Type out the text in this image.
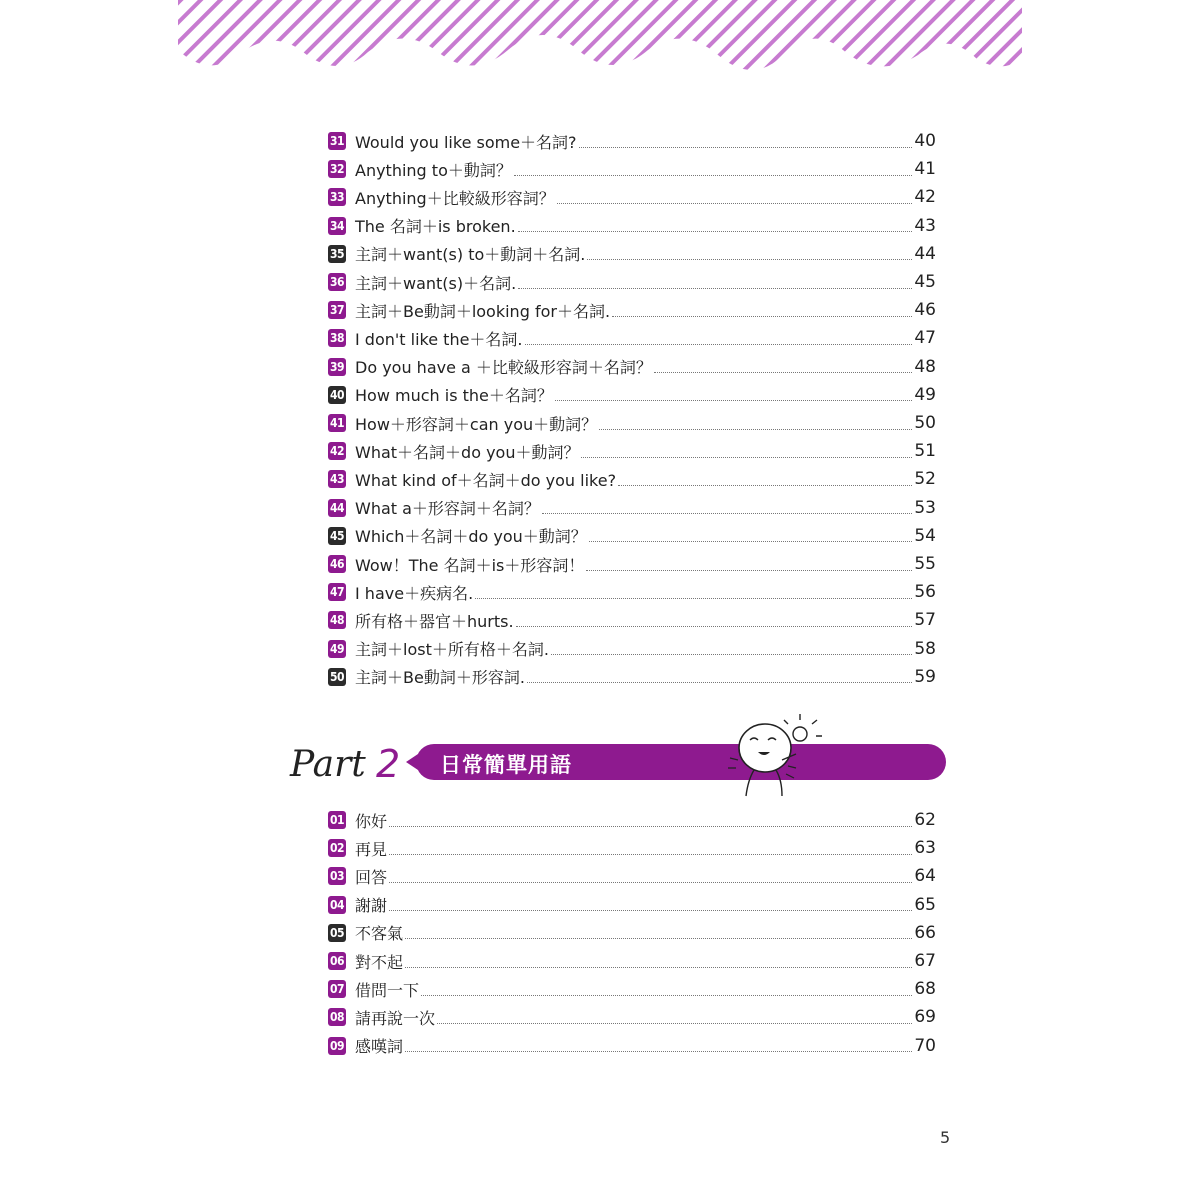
31 Would you like some＋名詞?	40
32 Anything to＋動詞？	41
33 Anything＋比較級形容詞？	42
34 The 名詞＋is broken.	43
35 主詞＋want(s) to＋動詞＋名詞.	44
36 主詞＋want(s)＋名詞.	45
37 主詞＋Be動詞＋looking for＋名詞.	46
38 I don't like the＋名詞.	47
39 Do you have a ＋比較級形容詞＋名詞？	48
40 How much is the＋名詞？	49
41 How＋形容詞＋can you＋動詞？	50
42 What＋名詞＋do you＋動詞？	51
43 What kind of＋名詞＋do you like?	52
44 What a＋形容詞＋名詞？	53
45 Which＋名詞＋do you＋動詞？	54
46 Wow！The 名詞＋is＋形容詞！	55
47 I have＋疾病名.	56
48 所有格＋器官＋hurts.	57
49 主詞＋lost＋所有格＋名詞.	58
50 主詞＋Be動詞＋形容詞.	59
Part 2 日常簡單用語
01 你好	62
02 再見	63
03 回答	64
04 謝謝	65
05 不客氣	66
06 對不起	67
07 借問一下	68
08 請再說一次	69
09 感嘆詞	70
5
